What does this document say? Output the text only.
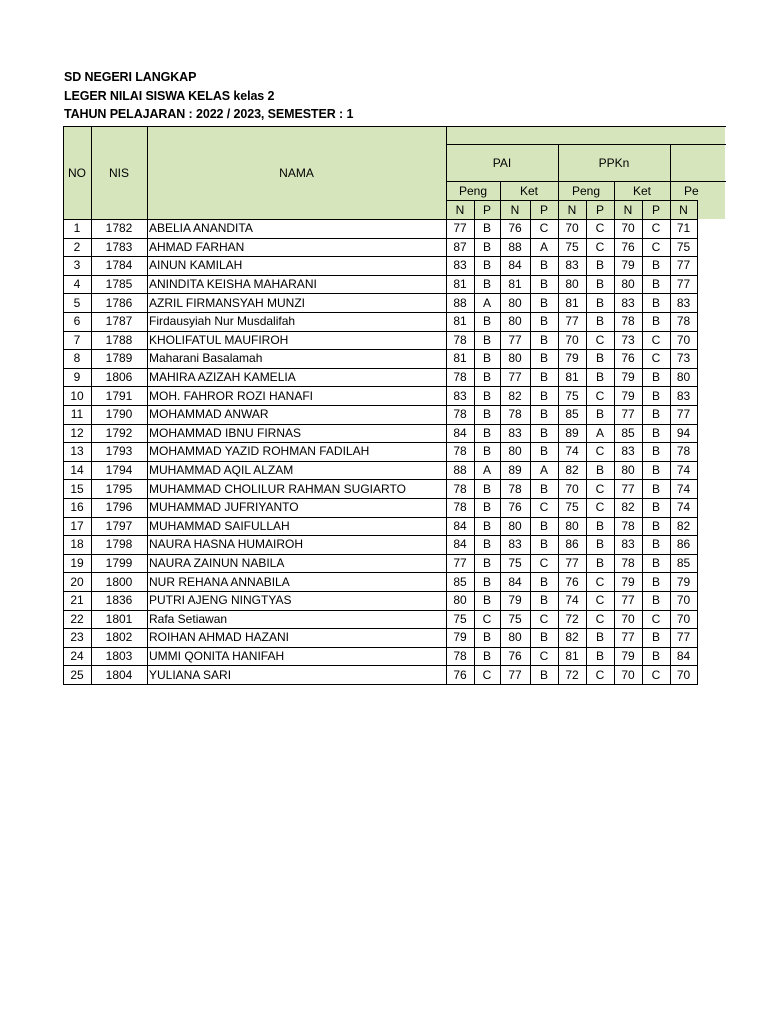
SD NEGERI LANGKAP
LEGER NILAI SISWA KELAS kelas 2
TAHUN PELAJARAN : 2022 / 2023, SEMESTER : 1
NO	NIS	NAMA
PAI	PPKn
Peng	Ket	Peng	Ket	Pe
N	P	N	P	N	P	N	P	N
1	1782	ABELIA ANANDITA	77	B	76	C	70	C	70	C	71
2	1783	AHMAD FARHAN	87	B	88	A	75	C	76	C	75
3	1784	AINUN KAMILAH	83	B	84	B	83	B	79	B	77
4	1785	ANINDITA KEISHA MAHARANI	81	B	81	B	80	B	80	B	77
5	1786	AZRIL FIRMANSYAH MUNZI	88	A	80	B	81	B	83	B	83
6	1787	Firdausyiah Nur Musdalifah	81	B	80	B	77	B	78	B	78
7	1788	KHOLIFATUL MAUFIROH	78	B	77	B	70	C	73	C	70
8	1789	Maharani Basalamah	81	B	80	B	79	B	76	C	73
9	1806	MAHIRA AZIZAH KAMELIA	78	B	77	B	81	B	79	B	80
10	1791	MOH. FAHROR ROZI HANAFI	83	B	82	B	75	C	79	B	83
11	1790	MOHAMMAD ANWAR	78	B	78	B	85	B	77	B	77
12	1792	MOHAMMAD IBNU FIRNAS	84	B	83	B	89	A	85	B	94
13	1793	MOHAMMAD YAZID ROHMAN FADILAH	78	B	80	B	74	C	83	B	78
14	1794	MUHAMMAD AQIL ALZAM	88	A	89	A	82	B	80	B	74
15	1795	MUHAMMAD CHOLILUR RAHMAN SUGIARTO	78	B	78	B	70	C	77	B	74
16	1796	MUHAMMAD JUFRIYANTO	78	B	76	C	75	C	82	B	74
17	1797	MUHAMMAD SAIFULLAH	84	B	80	B	80	B	78	B	82
18	1798	NAURA HASNA HUMAIROH	84	B	83	B	86	B	83	B	86
19	1799	NAURA ZAINUN NABILA	77	B	75	C	77	B	78	B	85
20	1800	NUR REHANA ANNABILA	85	B	84	B	76	C	79	B	79
21	1836	PUTRI AJENG NINGTYAS	80	B	79	B	74	C	77	B	70
22	1801	Rafa Setiawan	75	C	75	C	72	C	70	C	70
23	1802	ROIHAN AHMAD HAZANI	79	B	80	B	82	B	77	B	77
24	1803	UMMI QONITA HANIFAH	78	B	76	C	81	B	79	B	84
25	1804	YULIANA SARI	76	C	77	B	72	C	70	C	70
